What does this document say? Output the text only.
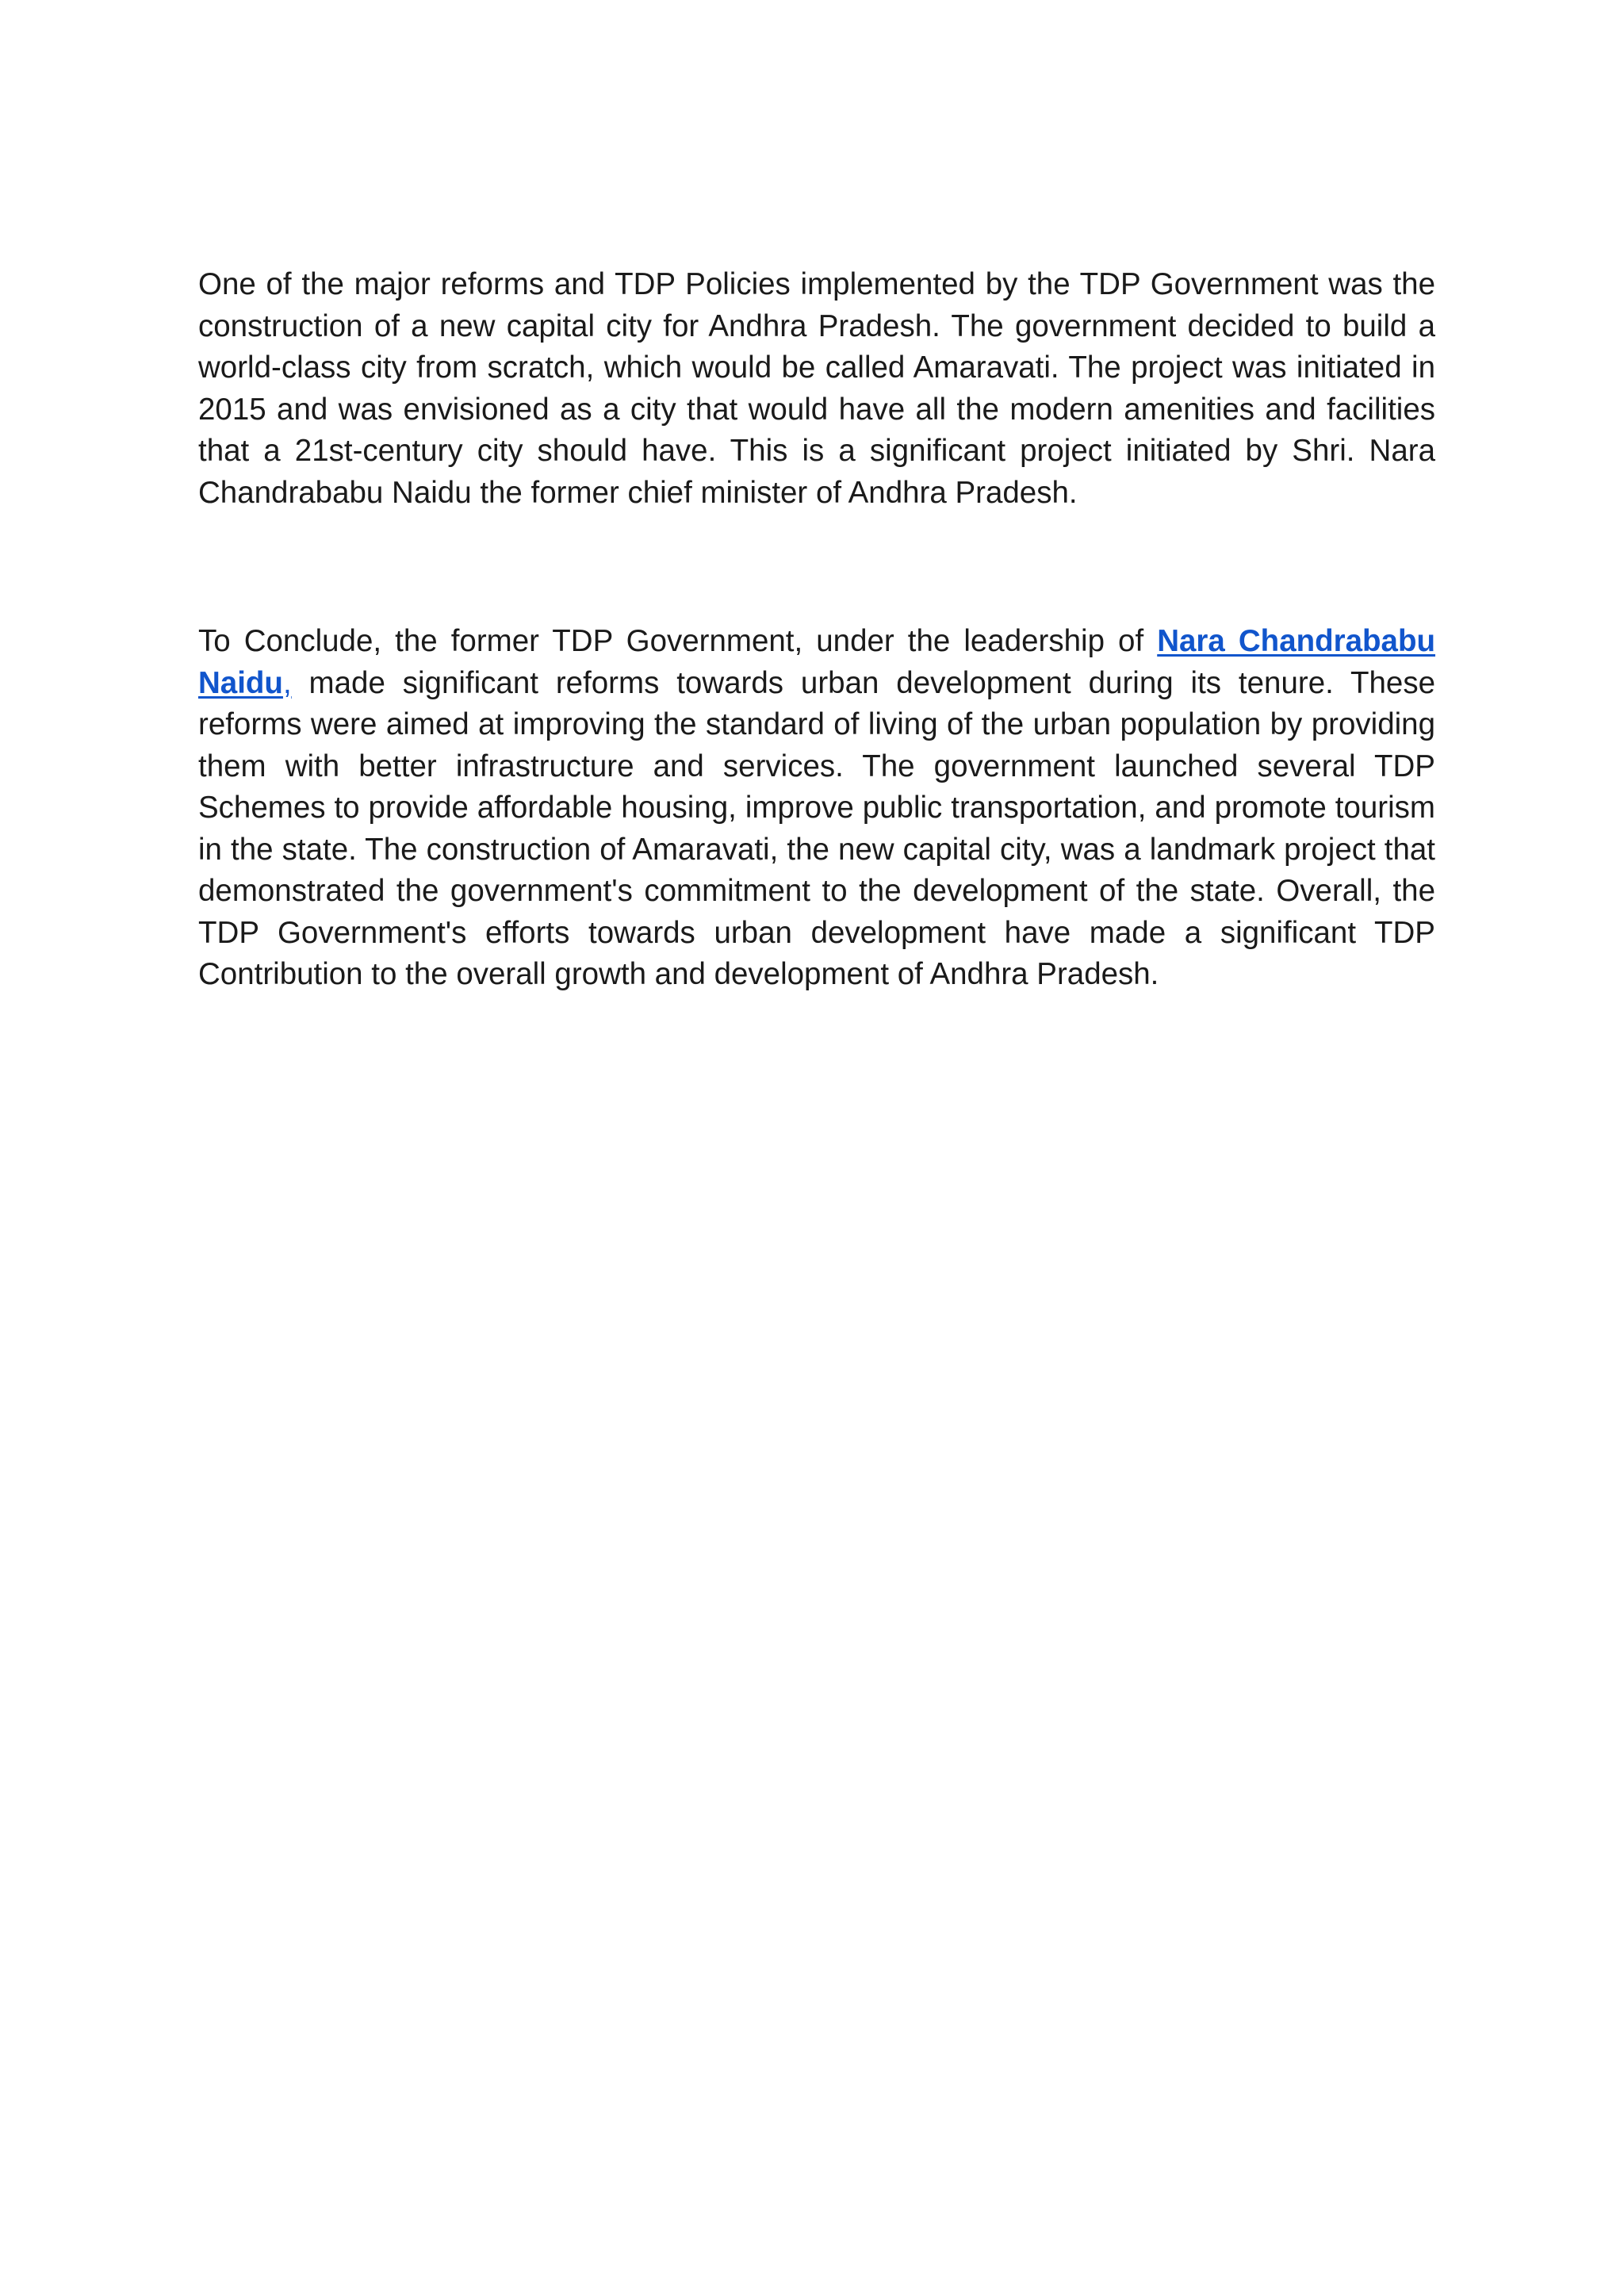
One of the major reforms and TDP Policies implemented by the TDP Government was the construction of a new capital city for Andhra Pradesh. The government decided to build a world-class city from scratch, which would be called Amaravati. The project was initiated in 2015 and was envisioned as a city that would have all the modern amenities and facilities that a 21st-century city should have. This is a significant project initiated by Shri. Nara Chandrababu Naidu the former chief minister of Andhra Pradesh.

To Conclude, the former TDP Government, under the leadership of Nara Chandrababu Naidu, made significant reforms towards urban development during its tenure. These reforms were aimed at improving the standard of living of the urban population by providing them with better infrastructure and services. The government launched several TDP Schemes to provide affordable housing, improve public transportation, and promote tourism in the state. The construction of Amaravati, the new capital city, was a landmark project that demonstrated the government's commitment to the development of the state. Overall, the TDP Government's efforts towards urban development have made a significant TDP Contribution to the overall growth and development of Andhra Pradesh.
